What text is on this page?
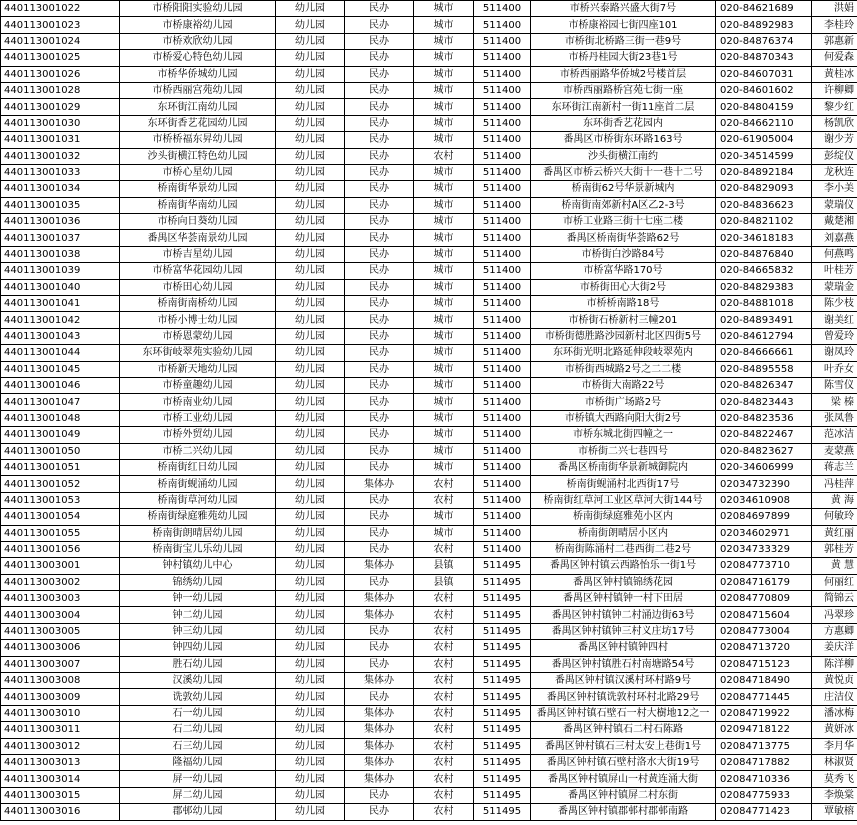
440113001022	市桥阳阳实验幼儿园	幼儿园	民办	城市	511400	市桥兴泰路兴盛大街7号	020-84621689	洪娟
440113001023	市桥康裕幼儿园	幼儿园	民办	城市	511400	市桥康裕园七街四座101	020-84892983	李桂玲
440113001024	市桥欢欣幼儿园	幼儿园	民办	城市	511400	市桥街北桥路三街一巷9号	020-84876374	郭惠新
440113001025	市桥爱心特色幼儿园	幼儿园	民办	城市	511400	市桥丹桂园大街23巷1号	020-84870343	何爱森
440113001026	市桥华侨城幼儿园	幼儿园	民办	城市	511400	市桥西丽路华侨城2号楼首层	020-84607031	黄桂冰
440113001028	市桥西丽宫苑幼儿园	幼儿园	民办	城市	511400	市桥西丽路桥宫苑七街一座	020-84601602	许柳卿
440113001029	东环街江南幼儿园	幼儿园	民办	城市	511400	东环街江南新村一街11座首二层	020-84804159	黎少红
440113001030	东环街香艺花园幼儿园	幼儿园	民办	城市	511400	东环街香艺花园内	020-84662110	杨凯欣
440113001031	市桥桥福东昇幼儿园	幼儿园	民办	城市	511400	番禺区市桥街东环路163号	020-61905004	谢少芳
440113001032	沙头街横江特色幼儿园	幼儿园	民办	农村	511400	沙头街横江南约	020-34514599	彭绽仪
440113001033	市桥心星幼儿园	幼儿园	民办	城市	511400	番禺区市桥云桥兴大街十一巷十二号	020-84892184	龙秋连
440113001034	桥南街华景幼儿园	幼儿园	民办	城市	511400	桥南街62号华景新城内	020-84829093	李小美
440113001035	桥南街华南幼儿园	幼儿园	民办	城市	511400	桥南街南郊新村A区乙2-3号	020-84836623	蒙瑞仪
440113001036	市桥向日葵幼儿园	幼儿园	民办	城市	511400	市桥工业路三街十七座二楼	020-84821102	戴楚湘
440113001037	番禺区华荟南景幼儿园	幼儿园	民办	城市	511400	番禺区桥南街华荟路62号	020-34618183	刘嘉燕
440113001038	市桥吉星幼儿园	幼儿园	民办	城市	511400	市桥街白沙路84号	020-84876840	何燕鸣
440113001039	市桥富华花园幼儿园	幼儿园	民办	城市	511400	市桥富华路170号	020-84665832	叶桂芳
440113001040	市桥田心幼儿园	幼儿园	民办	城市	511400	市桥街田心大街2号	020-84829383	蒙瑞金
440113001041	桥南街南桥幼儿园	幼儿园	民办	城市	511400	市桥桥南路18号	020-84881018	陈少枝
440113001042	市桥小博士幼儿园	幼儿园	民办	城市	511400	市桥街石桥新村三幢201	020-84893491	谢美红
440113001043	市桥恩蒙幼儿园	幼儿园	民办	城市	511400	市桥街德胜路沙园新村北区四街5号	020-84612794	曾爱玲
440113001044	东环街岐翠苑实验幼儿园	幼儿园	民办	城市	511400	东环街光明北路延伸段岐翠苑内	020-84666661	谢凤玲
440113001045	市桥新天地幼儿园	幼儿园	民办	城市	511400	市桥街西城路2号之二二楼	020-84895558	叶乔女
440113001046	市桥童趣幼儿园	幼儿园	民办	城市	511400	市桥街大南路22号	020-84826347	陈雪仪
440113001047	市桥南业幼儿园	幼儿园	民办	城市	511400	市桥街广场路2号	020-84823443	梁 榛
440113001048	市桥工业幼儿园	幼儿园	民办	城市	511400	市桥镇大西路向阳大街2号	020-84823536	张凤鲁
440113001049	市桥外贸幼儿园	幼儿园	民办	城市	511400	市桥东城北街四幢之一	020-84822467	范冰洁
440113001050	市桥二兴幼儿园	幼儿园	民办	城市	511400	市桥街二兴七巷四号	020-84823627	麦蒙燕
440113001051	桥南街红日幼儿园	幼儿园	民办	城市	511400	番禺区桥南街华景新城御院内	020-34606999	蒋志兰
440113001052	桥南街蚬涌幼儿园	幼儿园	集体办	农村	511400	桥南街蚬涌村北西街17号	02034732390	冯桂萍
440113001053	桥南街草河幼儿园	幼儿园	民办	农村	511400	桥南街红草河工业区草河大街144号	02034610908	黄 海
440113001054	桥南街绿庭雅苑幼儿园	幼儿园	民办	城市	511400	桥南街绿庭雅苑小区内	02084697899	何敏玲
440113001055	桥南街朗晴居幼儿园	幼儿园	民办	城市	511400	桥南街朗晴居小区内	02034602971	黄红丽
440113001056	桥南街宝儿乐幼儿园	幼儿园	民办	农村	511400	桥南街陈涌村二巷西街二巷2号	02034733329	郭桂芳
440113003001	钟村镇幼儿中心	幼儿园	集体办	县镇	511495	番禺区钟村镇云西路怡乐一街1号	02084773710	黄 慧
440113003002	锦绣幼儿园	幼儿园	民办	县镇	511495	番禺区钟村镇锦绣花园	02084716179	何丽红
440113003003	钟一幼儿园	幼儿园	集体办	农村	511495	番禺区钟村镇钟一村下田居	02084770809	简锦云
440113003004	钟二幼儿园	幼儿园	集体办	农村	511495	番禺区钟村镇钟二村涌边街63号	02084715604	冯翠珍
440113003005	钟三幼儿园	幼儿园	民办	农村	511495	番禺区钟村镇钟三村义庄坊17号	02084773004	方惠卿
440113003006	钟四幼儿园	幼儿园	民办	农村	511495	番禺区钟村镇钟四村	02084713720	姜庆洋
440113003007	胜石幼儿园	幼儿园	民办	农村	511495	番禺区钟村镇胜石村南塘路54号	02084715123	陈洋柳
440113003008	汉溪幼儿园	幼儿园	集体办	农村	511495	番禺区钟村镇汉溪村环村路9号	02084718490	黄悦贞
440113003009	诜敦幼儿园	幼儿园	民办	农村	511495	番禺区钟村镇诜敦村环村北路29号	02084771445	庄洁仪
440113003010	石一幼儿园	幼儿园	集体办	农村	511495	番禺区钟村镇石壁石一村大樹地12之一	02084719922	潘冰梅
440113003011	石二幼儿园	幼儿园	集体办	农村	511495	番禺区钟村镇石二村石陈路	02094718122	黄妍冰
440113003012	石三幼儿园	幼儿园	集体办	农村	511495	番禺区钟村镇石三村太安上巷街1号	02084713775	李月华
440113003013	隆福幼儿园	幼儿园	集体办	农村	511495	番禺区钟村镇石壁村洛水大街19号	02084717882	林淑贤
440113003014	屏一幼儿园	幼儿园	集体办	农村	511495	番禺区钟村镇屏山一村黄连涌大街	02084710336	莫秀飞
440113003015	屏二幼儿园	幼儿园	民办	农村	511495	番禺区钟村镇屏二村东街	02084775933	李焕棠
440113003016	郡邨幼儿园	幼儿园	民办	农村	511495	番禺区钟村镇郡邨村郡邨南路	02084771423	覃敏榕
